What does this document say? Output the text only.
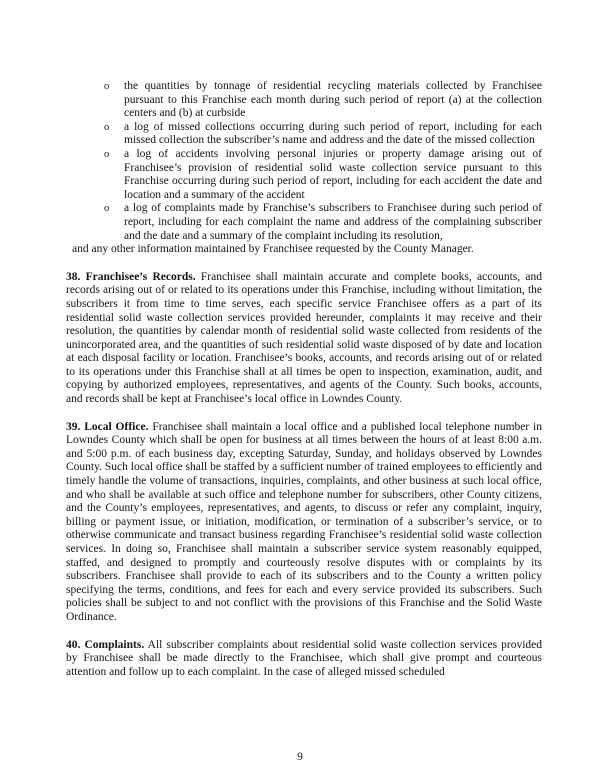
o	the quantities by tonnage of residential recycling materials collected by Franchisee pursuant to this Franchise each month during such period of report (a) at the collection centers and (b) at curbside
o	a log of missed collections occurring during such period of report, including for each missed collection the subscriber’s name and address and the date of the missed collection
o	a log of accidents involving personal injuries or property damage arising out of Franchisee’s provision of residential solid waste collection service pursuant to this Franchise occurring during such period of report, including for each accident the date and location and a summary of the accident
o	a log of complaints made by Franchise’s subscribers to Franchisee during such period of report, including for each complaint the name and address of the complaining subscriber and the date and a summary of the complaint including its resolution,

and any other information maintained by Franchisee requested by the County Manager.

38. Franchisee’s Records. Franchisee shall maintain accurate and complete books, accounts, and records arising out of or related to its operations under this Franchise, including without limitation, the subscribers it from time to time serves, each specific service Franchisee offers as a part of its residential solid waste collection services provided hereunder, complaints it may receive and their resolution, the quantities by calendar month of residential solid waste collected from residents of the unincorporated area, and the quantities of such residential solid waste disposed of by date and location at each disposal facility or location. Franchisee’s books, accounts, and records arising out of or related to its operations under this Franchise shall at all times be open to inspection, examination, audit, and copying by authorized employees, representatives, and agents of the County. Such books, accounts, and records shall be kept at Franchisee’s local office in Lowndes County.

39. Local Office. Franchisee shall maintain a local office and a published local telephone number in Lowndes County which shall be open for business at all times between the hours of at least 8:00 a.m. and 5:00 p.m. of each business day, excepting Saturday, Sunday, and holidays observed by Lowndes County. Such local office shall be staffed by a sufficient number of trained employees to efficiently and timely handle the volume of transactions, inquiries, complaints, and other business at such local office, and who shall be available at such office and telephone number for subscribers, other County citizens, and the County’s employees, representatives, and agents, to discuss or refer any complaint, inquiry, billing or payment issue, or initiation, modification, or termination of a subscriber’s service, or to otherwise communicate and transact business regarding Franchisee’s residential solid waste collection services. In doing so, Franchisee shall maintain a subscriber service system reasonably equipped, staffed, and designed to promptly and courteously resolve disputes with or complaints by its subscribers. Franchisee shall provide to each of its subscribers and to the County a written policy specifying the terms, conditions, and fees for each and every service provided its subscribers. Such policies shall be subject to and not conflict with the provisions of this Franchise and the Solid Waste Ordinance.

40. Complaints. All subscriber complaints about residential solid waste collection services provided by Franchisee shall be made directly to the Franchisee, which shall give prompt and courteous attention and follow up to each complaint. In the case of alleged missed scheduled

9
